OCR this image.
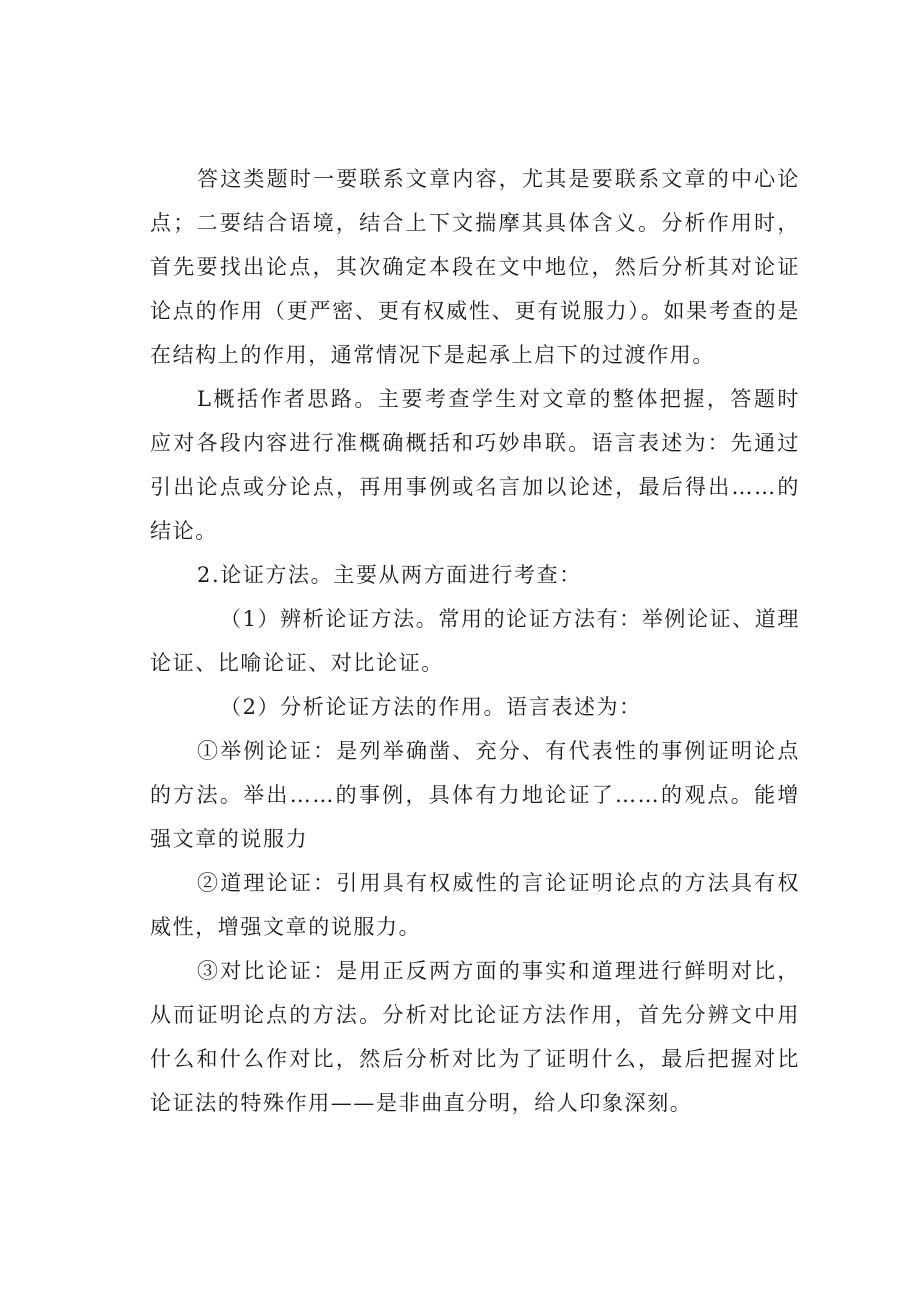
答这类题时一要联系文章内容，尤其是要联系文章的中心论点；二要结合语境，结合上下文揣摩其具体含义。分析作用时，首先要找出论点，其次确定本段在文中地位，然后分析其对论证论点的作用（更严密、更有权威性、更有说服力）。如果考查的是在结构上的作用，通常情况下是起承上启下的过渡作用。

L概括作者思路。主要考查学生对文章的整体把握，答题时应对各段内容进行准概确概括和巧妙串联。语言表述为：先通过引出论点或分论点，再用事例或名言加以论述，最后得出……的结论。

2.论证方法。主要从两方面进行考查：

（1）辨析论证方法。常用的论证方法有：举例论证、道理论证、比喻论证、对比论证。

（2）分析论证方法的作用。语言表述为：

①举例论证：是列举确凿、充分、有代表性的事例证明论点的方法。举出……的事例，具体有力地论证了……的观点。能增强文章的说服力

②道理论证：引用具有权威性的言论证明论点的方法具有权威性，增强文章的说服力。

③对比论证：是用正反两方面的事实和道理进行鲜明对比，从而证明论点的方法。分析对比论证方法作用，首先分辨文中用什么和什么作对比，然后分析对比为了证明什么，最后把握对比论证法的特殊作用——是非曲直分明，给人印象深刻。
